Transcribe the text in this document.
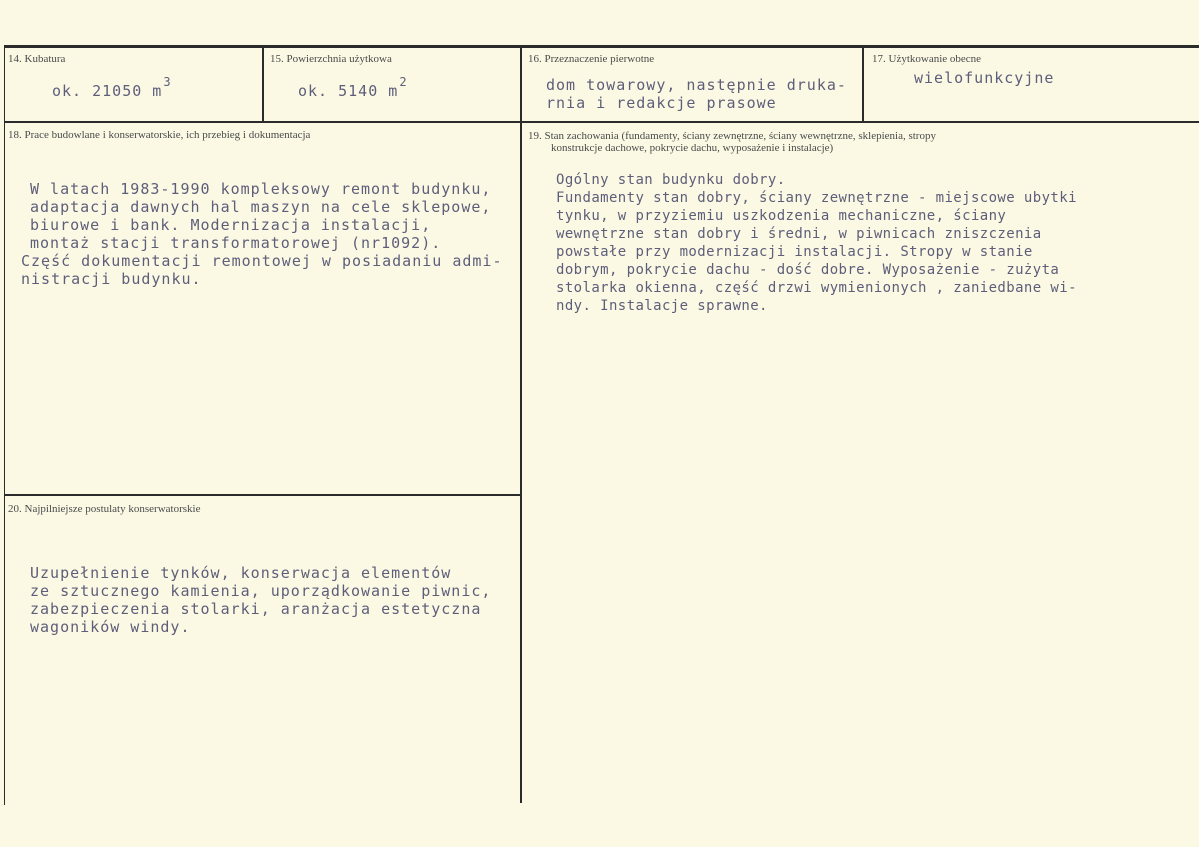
14. Kubatura
ok. 21050 $m^3$
15. Powierzchnia użytkowa
ok. 5140 $m^2$
16. Przeznaczenie pierwotne
dom towarowy, następnie druka-
rnia i redakcje prasowe
17. Użytkowanie obecne
wielofunkcyjne
18. Prace budowlane i konserwatorskie, ich przebieg i dokumentacja
W latach 1983-1990 kompleksowy remont budynku,
adaptacja dawnych hal maszyn na cele sklepowe,
biurowe i bank. Modernizacja instalacji,
montaż stacji transformatorowej (nr1092).
Część dokumentacji remontowej w posiadaniu admi-
nistracji budynku.
19. Stan zachowania (fundamenty, ściany zewnętrzne, ściany wewnętrzne, sklepienia, stropy
konstrukcje dachowe, pokrycie dachu, wyposażenie i instalacje)
Ogólny stan budynku dobry.
Fundamenty stan dobry, ściany zewnętrzne - miejscowe ubytki
tynku, w przyziemiu uszkodzenia mechaniczne, ściany
wewnętrzne stan dobry i średni, w piwnicach zniszczenia
powstałe przy modernizacji instalacji. Stropy w stanie
dobrym, pokrycie dachu - dość dobre. Wyposażenie - zużyta
stolarka okienna, część drzwi wymienionych , zaniedbane wi-
ndy. Instalacje sprawne.
20. Najpilniejsze postulaty konserwatorskie
Uzupełnienie tynków, konserwacja elementów
ze sztucznego kamienia, uporządkowanie piwnic,
zabezpieczenia stolarki, aranżacja estetyczna
wagoników windy.
